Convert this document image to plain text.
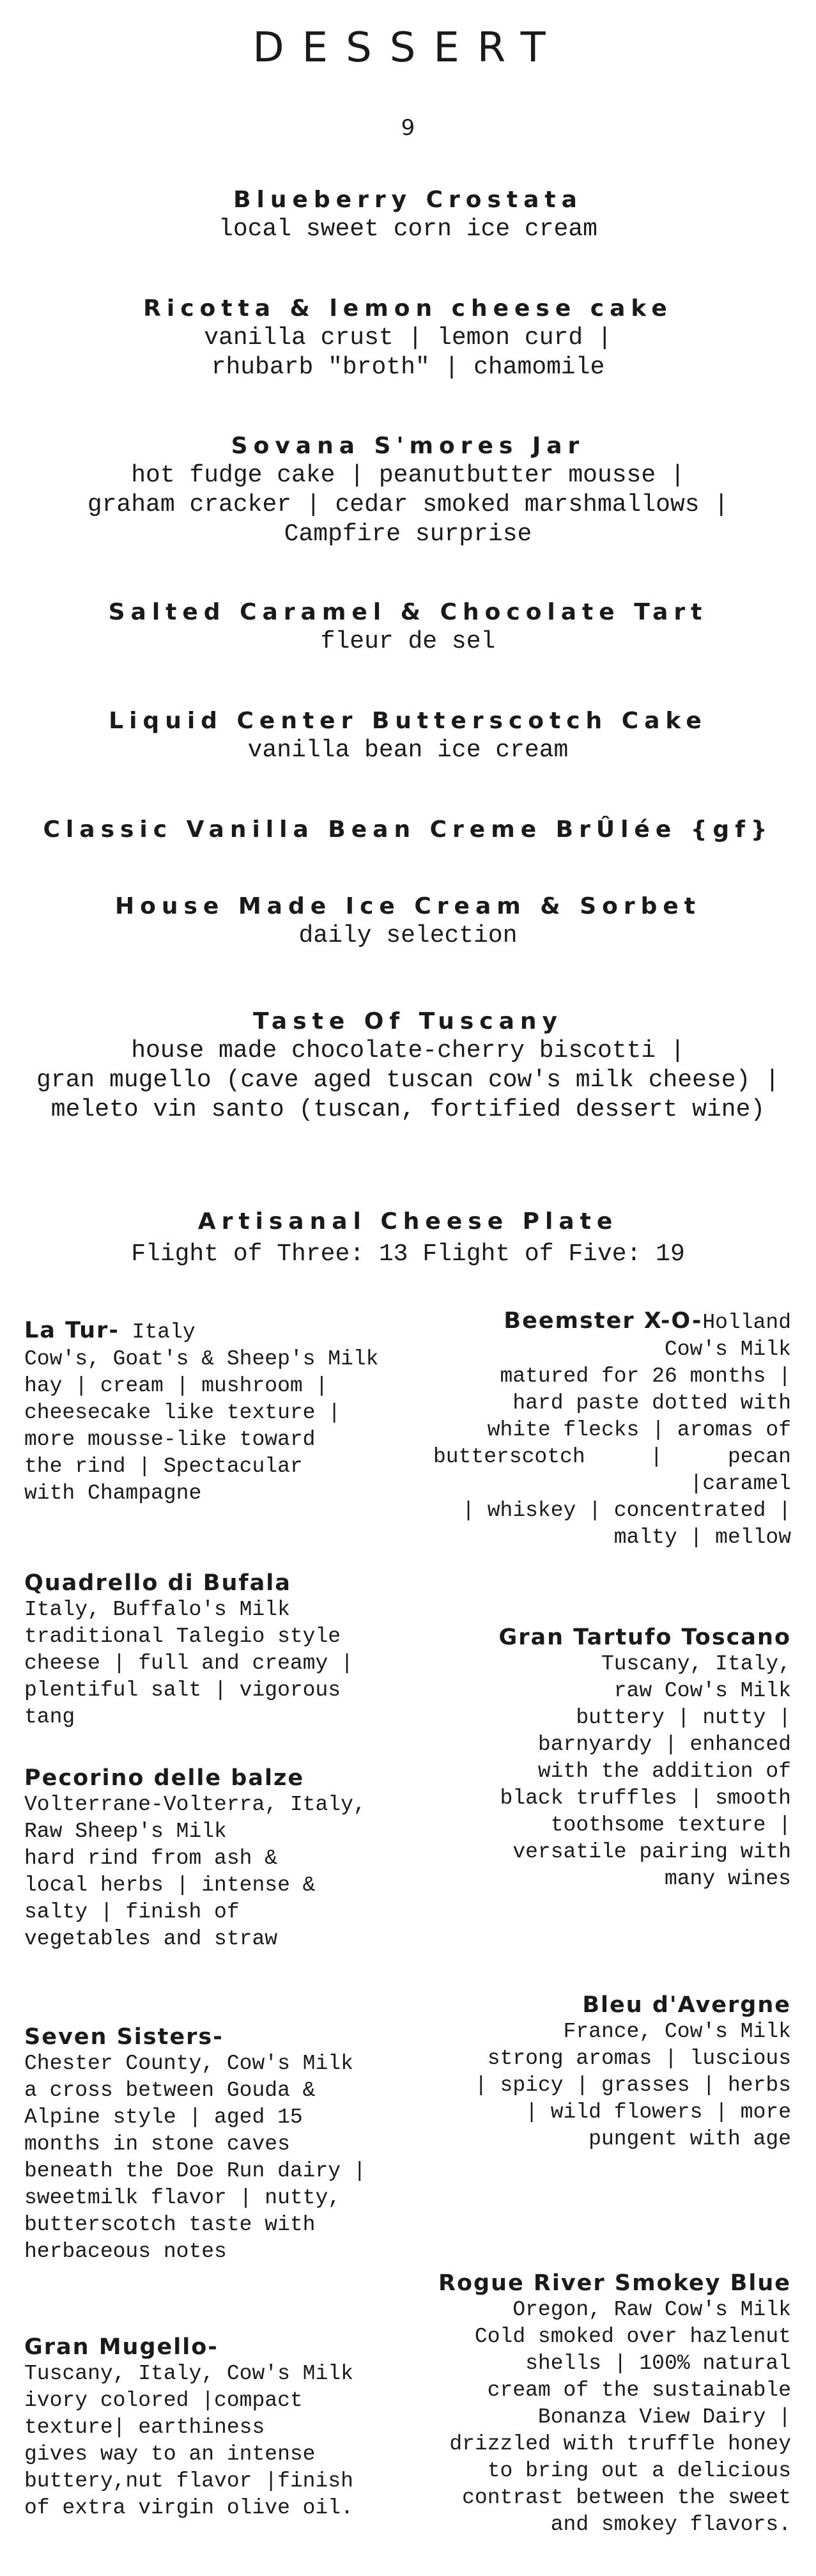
DESSERT
9
Blueberry Crostata
local sweet corn ice cream
Ricotta & lemon cheese cake
vanilla crust | lemon curd |
rhubarb "broth" | chamomile
Sovana S'mores Jar
hot fudge cake | peanutbutter mousse |
graham cracker | cedar smoked marshmallows |
Campfire surprise
Salted Caramel & Chocolate Tart
fleur de sel
Liquid Center Butterscotch Cake
vanilla bean ice cream
Classic Vanilla Bean Creme BrÛlée {gf}
House Made Ice Cream & Sorbet
daily selection
Taste Of Tuscany
house made chocolate-cherry biscotti |
gran mugello (cave aged tuscan cow's milk cheese) |
meleto vin santo (tuscan, fortified dessert wine)
Artisanal Cheese Plate
Flight of Three: 13 Flight of Five: 19
La Tur- Italy
Cow's, Goat's & Sheep's Milk
hay | cream | mushroom |
cheesecake like texture |
more mousse-like toward
the rind | Spectacular
with Champagne
Quadrello di Bufala
Italy, Buffalo's Milk
traditional Talegio style
cheese | full and creamy |
plentiful salt | vigorous tang
Pecorino delle balze
Volterrane-Volterra, Italy,
Raw Sheep's Milk
hard rind from ash &
local herbs | intense &
salty | finish of
vegetables and straw
Seven Sisters-
Chester County, Cow's Milk
a cross between Gouda &
Alpine style | aged 15
months in stone caves
beneath the Doe Run dairy |
sweetmilk flavor | nutty,
butterscotch taste with
herbaceous notes
Gran Mugello-
Tuscany, Italy, Cow's Milk
ivory colored |compact
texture| earthiness
gives way to an intense
buttery,nut flavor |finish
of extra virgin olive oil.
Beemster X-O-Holland
Cow's Milk
matured for 26 months |
hard paste dotted with
white flecks | aromas of
butterscotch | pecan |caramel
| whiskey | concentrated |
malty | mellow
Gran Tartufo Toscano
Tuscany, Italy,
raw Cow's Milk
buttery | nutty |
barnyardy | enhanced
with the addition of
black truffles | smooth
toothsome texture |
versatile pairing with
many wines
Bleu d'Avergne
France, Cow's Milk
strong aromas | luscious
| spicy | grasses | herbs
| wild flowers | more
pungent with age
Rogue River Smokey Blue
Oregon, Raw Cow's Milk
Cold smoked over hazlenut
shells | 100% natural
cream of the sustainable
Bonanza View Dairy |
drizzled with truffle honey
to bring out a delicious
contrast between the sweet
and smokey flavors.
